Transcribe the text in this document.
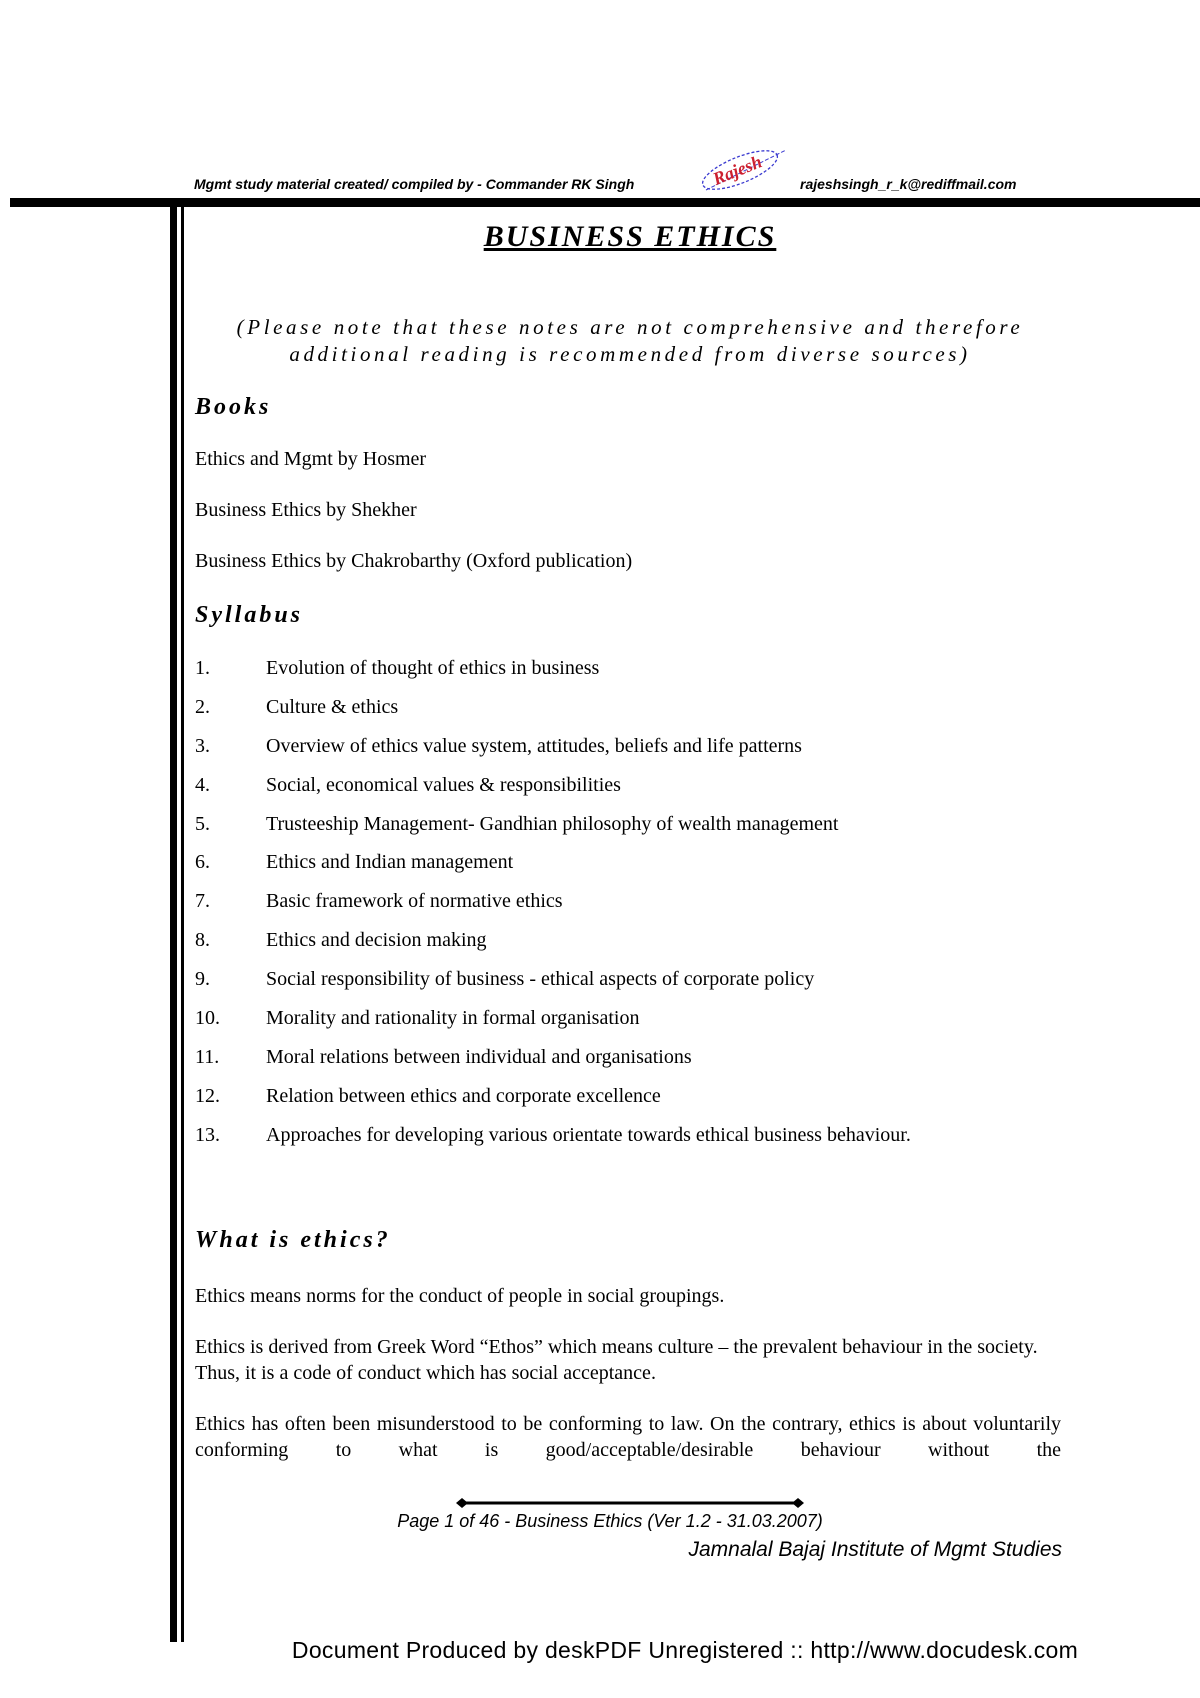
Mgmt study material created/ compiled by - Commander RK Singh	Rajesh	rajeshsingh_r_k@rediffmail.com
BUSINESS ETHICS
(Please note that these notes are not comprehensive and therefore additional reading is recommended from diverse sources)
Books
Ethics and Mgmt by Hosmer
Business Ethics by Shekher
Business Ethics by Chakrobarthy (Oxford publication)
Syllabus
1.	Evolution of thought of ethics in business
2.	Culture & ethics
3.	Overview of ethics value system, attitudes, beliefs and life patterns
4.	Social, economical values & responsibilities
5.	Trusteeship Management- Gandhian philosophy of wealth management
6.	Ethics and Indian management
7.	Basic framework of normative ethics
8.	Ethics and decision making
9.	Social responsibility of business - ethical aspects of corporate policy
10. Morality and rationality in formal organisation
11. Moral relations between individual and organisations
12. Relation between ethics and corporate excellence
13. Approaches for developing various orientate towards ethical business behaviour.
What is ethics?
Ethics means norms for the conduct of people in social groupings.
Ethics is derived from Greek Word “Ethos” which means culture – the prevalent behaviour in the society. Thus, it is a code of conduct which has social acceptance.
Ethics has often been misunderstood to be conforming to law. On the contrary, ethics is about voluntarily conforming to what is good/acceptable/desirable behaviour without the
Page 1 of 46 - Business Ethics (Ver 1.2 - 31.03.2007)
Jamnalal Bajaj Institute of Mgmt Studies
Document Produced by deskPDF Unregistered :: http://www.docudesk.com
